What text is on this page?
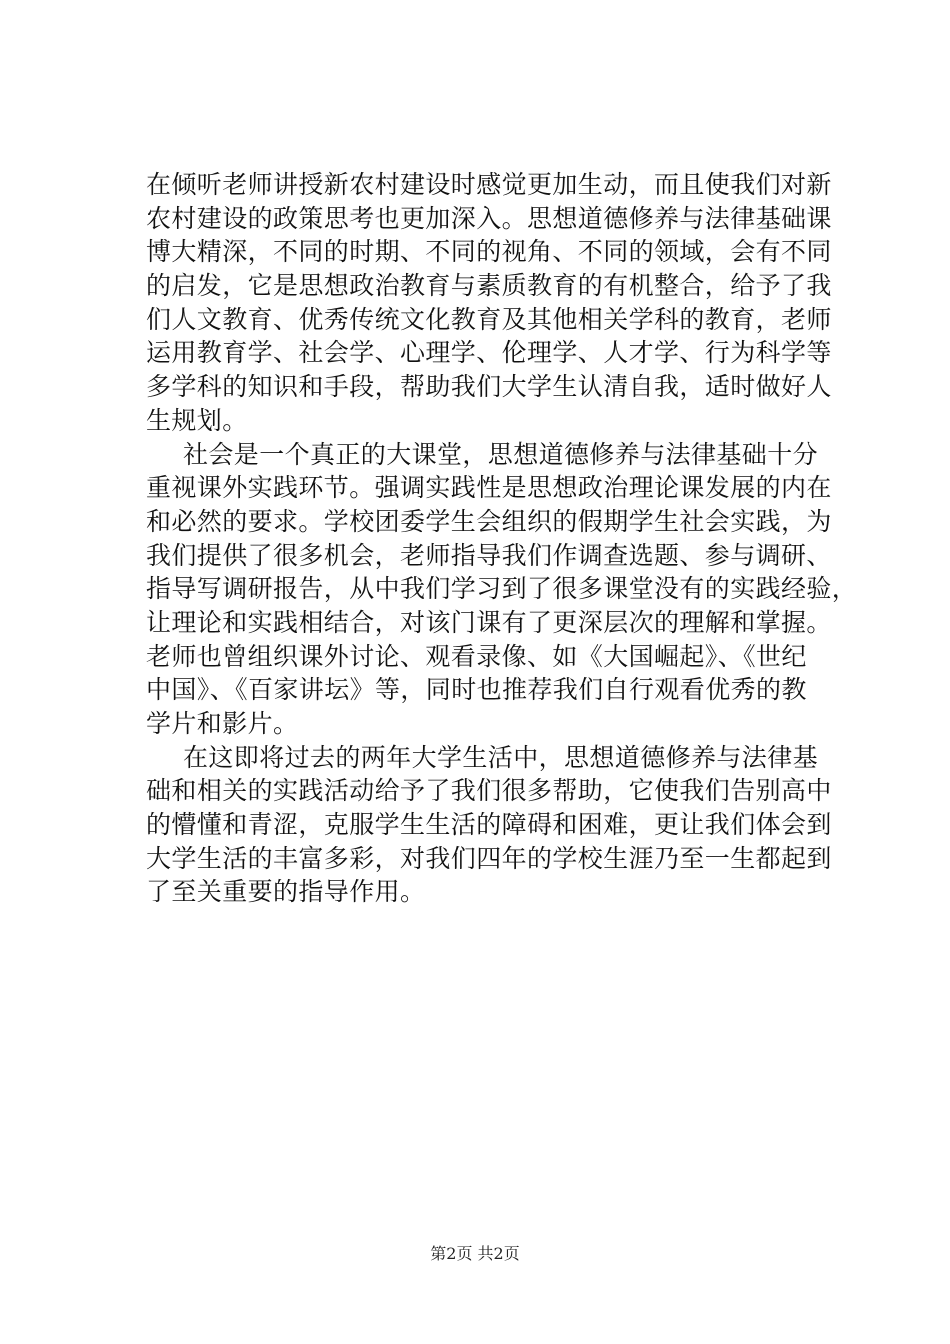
在倾听老师讲授新农村建设时感觉更加生动，而且使我们对新
农村建设的政策思考也更加深入。思想道德修养与法律基础课
博大精深，不同的时期、不同的视角、不同的领域，会有不同
的启发，它是思想政治教育与素质教育的有机整合，给予了我
们人文教育、优秀传统文化教育及其他相关学科的教育，老师
运用教育学、社会学、心理学、伦理学、人才学、行为科学等
多学科的知识和手段，帮助我们大学生认清自我，适时做好人
生规划。
社会是一个真正的大课堂，思想道德修养与法律基础十分
重视课外实践环节。强调实践性是思想政治理论课发展的内在
和必然的要求。学校团委学生会组织的假期学生社会实践，为
我们提供了很多机会，老师指导我们作调查选题、参与调研、
指导写调研报告，从中我们学习到了很多课堂没有的实践经验，
让理论和实践相结合，对该门课有了更深层次的理解和掌握。
老师也曾组织课外讨论、观看录像、如《大国崛起》、《世纪
中国》、《百家讲坛》等，同时也推荐我们自行观看优秀的教
学片和影片。
在这即将过去的两年大学生活中，思想道德修养与法律基
础和相关的实践活动给予了我们很多帮助，它使我们告别高中
的懵懂和青涩，克服学生生活的障碍和困难，更让我们体会到
大学生活的丰富多彩，对我们四年的学校生涯乃至一生都起到
了至关重要的指导作用。
第2页 共2页
